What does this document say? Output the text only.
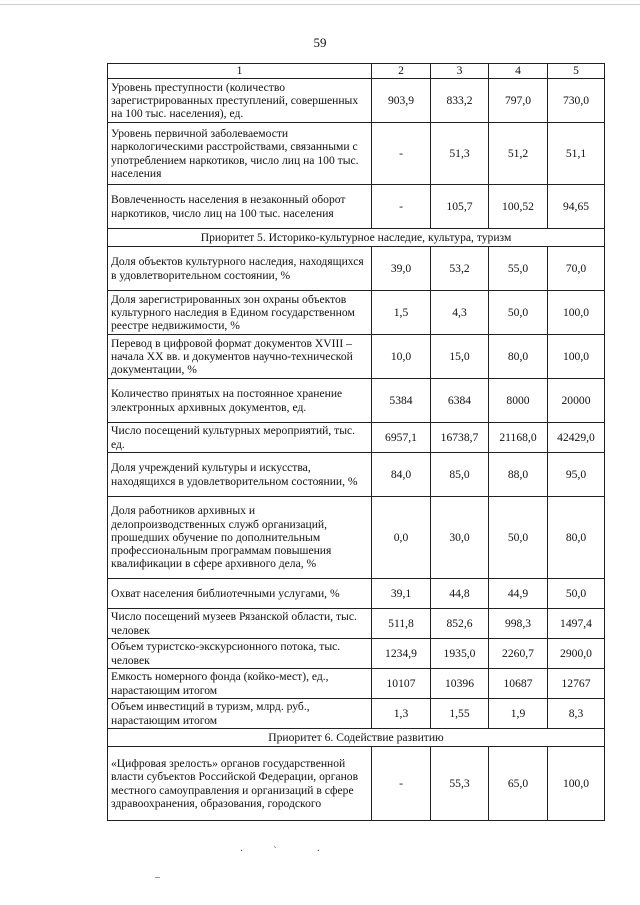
59
1	2	3	4	5
Уровень преступности (количество зарегистрированных преступлений, совершенных на 100 тыс. населения), ед.	903,9	833,2	797,0	730,0
Уровень первичной заболеваемости наркологическими расстройствами, связанными с употреблением наркотиков, число лиц на 100 тыс. населения	-	51,3	51,2	51,1
Вовлеченность населения в незаконный оборот наркотиков, число лиц на 100 тыс. населения	-	105,7	100,52	94,65
Приоритет 5. Историко-культурное наследие, культура, туризм				
Доля объектов культурного наследия, находящихся в удовлетворительном состоянии, %	39,0	53,2	55,0	70,0
Доля зарегистрированных зон охраны объектов культурного наследия в Едином государственном реестре недвижимости, %	1,5	4,3	50,0	100,0
Перевод в цифровой формат документов XVIII – начала XX вв. и документов научно-технической документации, %	10,0	15,0	80,0	100,0
Количество принятых на постоянное хранение электронных архивных документов, ед.	5384	6384	8000	20000
Число посещений культурных мероприятий, тыс. ед.	6957,1	16738,7	21168,0	42429,0
Доля учреждений культуры и искусства, находящихся в удовлетворительном состоянии, %	84,0	85,0	88,0	95,0
Доля работников архивных и делопроизводственных служб организаций, прошедших обучение по дополнительным профессиональным программам повышения квалификации в сфере архивного дела, %	0,0	30,0	50,0	80,0
Охват населения библиотечными услугами, %	39,1	44,8	44,9	50,0
Число посещений музеев Рязанской области, тыс. человек	511,8	852,6	998,3	1497,4
Объем туристско-экскурсионного потока, тыс. человек	1234,9	1935,0	2260,7	2900,0
Емкость номерного фонда (койко-мест), ед., нарастающим итогом	10107	10396	10687	12767
Объем инвестиций в туризм, млрд. руб., нарастающим итогом	1,3	1,55	1,9	8,3
Приоритет 6. Содействие развитию				
«Цифровая зрелость» органов государственной власти субъектов Российской Федерации, органов местного самоуправления и организаций в сфере здравоохранения, образования, городского	-	55,3	65,0	100,0
·            `                ·
–
